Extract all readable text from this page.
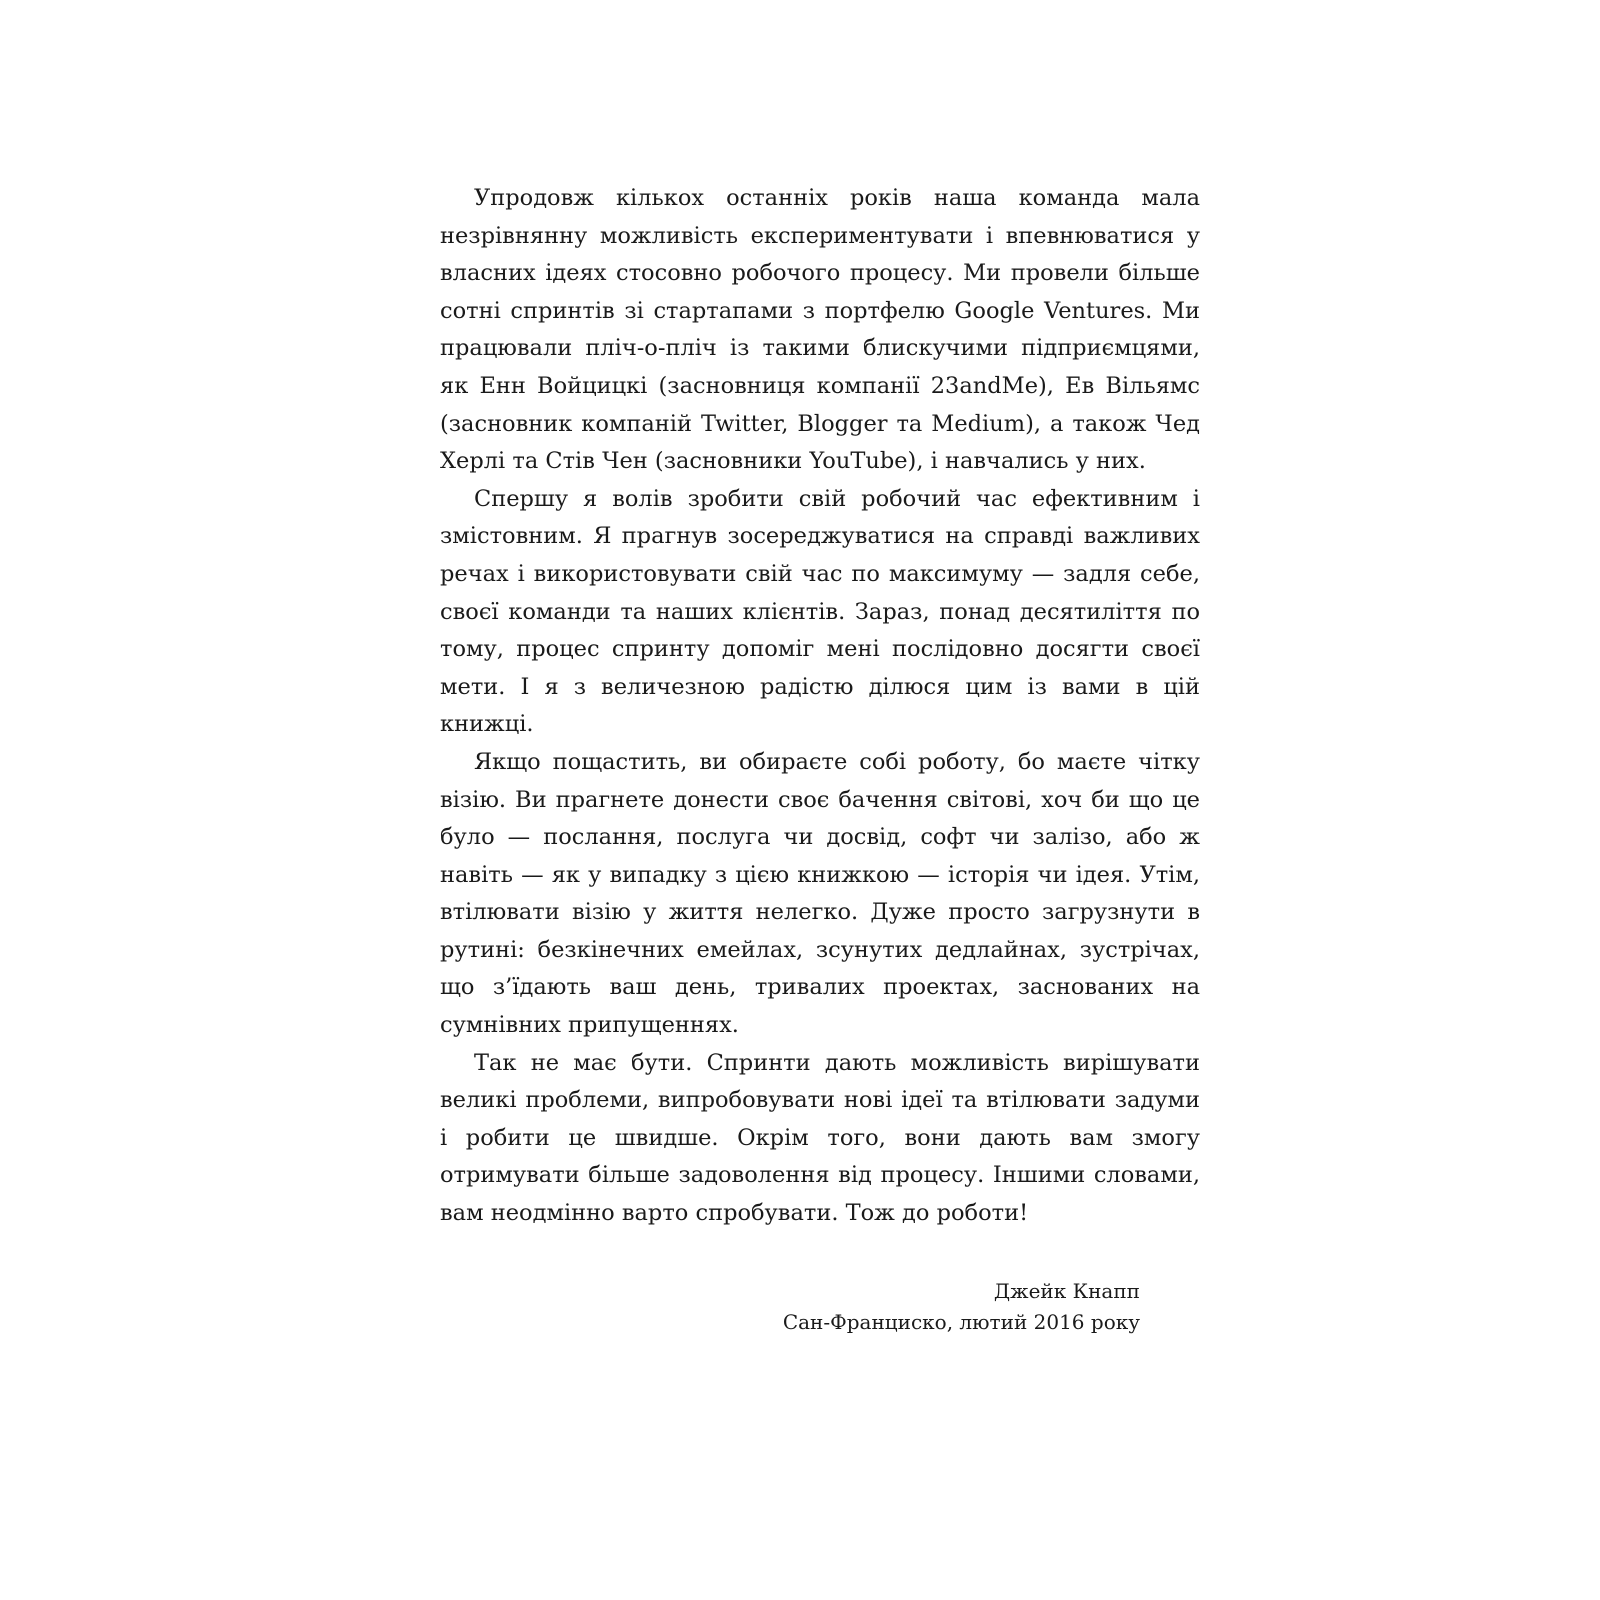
Упродовж кількох останніх років наша команда мала незрівнянну можливість експериментувати і впевнюватися у власних ідеях стосовно робочого процесу. Ми провели більше сотні спринтів зі стартапами з портфелю Google Ventures. Ми працювали пліч-о-пліч із такими блискучими підприємцями, як Енн Войцицкі (засновниця компанії 23andMe), Ев Вільямс (засновник компаній Twitter, Blogger та Medium), а також Чед Херлі та Стів Чен (засновники YouTube), і навчались у них.

Спершу я волів зробити свій робочий час ефективним і змістовним. Я прагнув зосереджуватися на справді важливих речах і використовувати свій час по максимуму — задля себе, своєї команди та наших клієнтів. Зараз, понад десятиліття по тому, процес спринту допоміг мені послідовно досягти своєї мети. І я з величезною радістю ділюся цим із вами в цій книжці.

Якщо пощастить, ви обираєте собі роботу, бо маєте чітку візію. Ви прагнете донести своє бачення світові, хоч би що це було — послання, послуга чи досвід, софт чи залізо, або ж навіть — як у випадку з цією книжкою — історія чи ідея. Утім, втілювати візію у життя нелегко. Дуже просто загрузнути в рутині: безкінечних емейлах, зсунутих дедлайнах, зустрічах, що з’їдають ваш день, тривалих проектах, заснованих на сумнівних припущеннях.

Так не має бути. Спринти дають можливість вирішувати великі проблеми, випробовувати нові ідеї та втілювати задуми і робити це швидше. Окрім того, вони дають вам змогу отримувати більше задоволення від процесу. Іншими словами, вам неодмінно варто спробувати. Тож до роботи!

Джейк Кнапп
Сан-Франциско, лютий 2016 року
